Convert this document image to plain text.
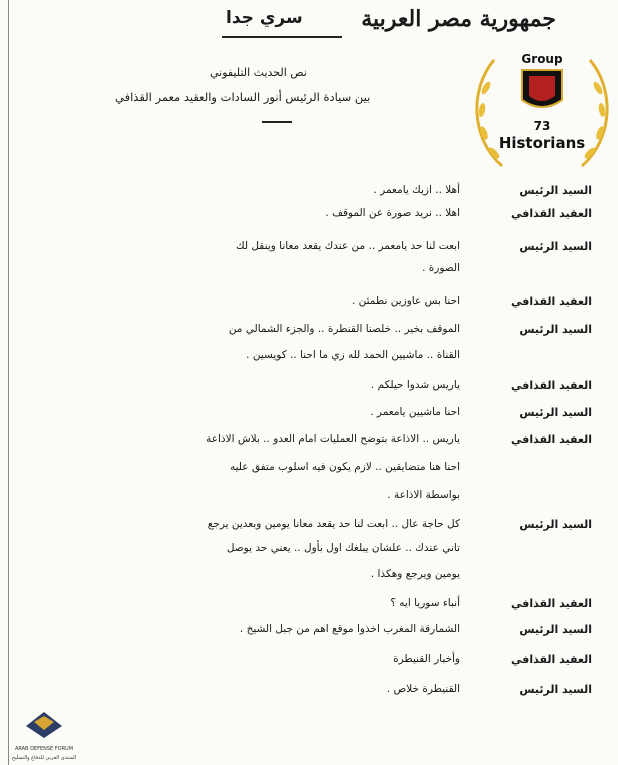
جمهورية مصر العربية
سري جدا
نص الحديث التليفوني
بين سيادة الرئيس أنور السادات والعقيد معمر القذافي
Group
73
Historians
السيد الرئيس
أهلا .. ازيك يامعمر .
العقيد القذافي
اهلا .. نريد صورة عن الموقف .
السيد الرئيس
ابعت لنا حد يامعمر .. من عندك يقعد معانا وينقل لك
الصورة .
العقيد القذافي
احنا بس عاوزين نطمئن .
السيد الرئيس
الموقف بخير .. خلصنا القنطرة .. والجزء الشمالي من
القناة .. ماشيين الحمد لله زي ما احنا .. كويسين .
العقيد القذافي
ياريس شدوا حيلكم .
السيد الرئيس
احنا ماشيين يامعمر .
العقيد القذافي
ياريس .. الاذاعة بتوضح العمليات امام العدو .. بلاش الاذاعة
احنا هنا متضايقين .. لازم يكون فيه اسلوب متفق عليه
بواسطة الاذاعة .
السيد الرئيس
كل حاجة عال .. ابعت لنا حد يقعد معانا يومين وبعدين يرجع
تاني عندك .. علشان يبلغك اول بأول .. يعني حد يوصل
يومين ويرجع وهكذا .
العقيد القذافي
أنباء سوريا ايه ؟
السيد الرئيس
الشمارقة المغرب اخذوا موقع اهم من جبل الشيخ .
العقيد القذافي
وأخبار القنيطرة
السيد الرئيس
القنيطرة خلاص .
ARAB DEFENSE FORUM
المنتدى العربي للدفاع والتسليح
